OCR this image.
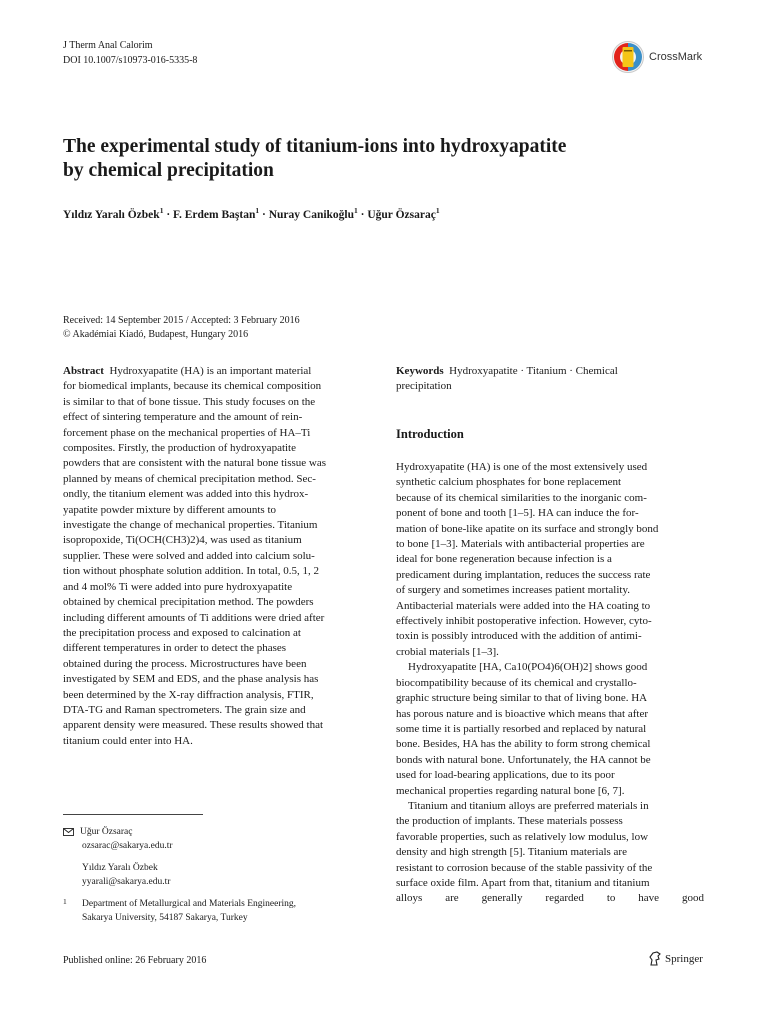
J Therm Anal Calorim
DOI 10.1007/s10973-016-5335-8	CrossMark
The experimental study of titanium-ions into hydroxyapatite
by chemical precipitation
Yıldız Yaralı Özbek$^1$ · F. Erdem Baştan$^1$ · Nuray Canikoğlu$^1$ · Uğur Özsaraç$^1$
Received: 14 September 2015 / Accepted: 3 February 2016
© Akadémiai Kiadó, Budapest, Hungary 2016

Abstract Hydroxyapatite (HA) is an important material

for biomedical implants, because its chemical composition

is similar to that of bone tissue. This study focuses on the

effect of sintering temperature and the amount of rein-

forcement phase on the mechanical properties of HA–Ti

composites. Firstly, the production of hydroxyapatite

powders that are consistent with the natural bone tissue was

planned by means of chemical precipitation method. Sec-

ondly, the titanium element was added into this hydrox-

yapatite powder mixture by different amounts to

investigate the change of mechanical properties. Titanium

isopropoxide, Ti(OCH(CH3)2)4, was used as titanium

supplier. These were solved and added into calcium solu-

tion without phosphate solution addition. In total, 0.5, 1, 2

and 4 mol% Ti were added into pure hydroxyapatite

obtained by chemical precipitation method. The powders

including different amounts of Ti additions were dried after

the precipitation process and exposed to calcination at

different temperatures in order to detect the phases

obtained during the process. Microstructures have been

investigated by SEM and EDS, and the phase analysis has

been determined by the X-ray diffraction analysis, FTIR,

DTA-TG and Raman spectrometers. The grain size and

apparent density were measured. These results showed that

titanium could enter into HA.

Uğur Özsaraç
ozsarac@sakarya.edu.tr
Yıldız Yaralı Özbek
yyarali@sakarya.edu.tr
1 Department of Metallurgical and Materials Engineering,
Sakarya University, 54187 Sakarya, Turkey

Keywords Hydroxyapatite · Titanium · Chemical

precipitation

Introduction

Hydroxyapatite (HA) is one of the most extensively used

synthetic calcium phosphates for bone replacement

because of its chemical similarities to the inorganic com-

ponent of bone and tooth [1–5]. HA can induce the for-

mation of bone-like apatite on its surface and strongly bond

to bone [1–3]. Materials with antibacterial properties are

ideal for bone regeneration because infection is a

predicament during implantation, reduces the success rate

of surgery and sometimes increases patient mortality.

Antibacterial materials were added into the HA coating to

effectively inhibit postoperative infection. However, cyto-

toxin is possibly introduced with the addition of antimi-

crobial materials [1–3].

Hydroxyapatite [HA, Ca10(PO4)6(OH)2] shows good

biocompatibility because of its chemical and crystallo-

graphic structure being similar to that of living bone. HA

has porous nature and is bioactive which means that after

some time it is partially resorbed and replaced by natural

bone. Besides, HA has the ability to form strong chemical

bonds with natural bone. Unfortunately, the HA cannot be

used for load-bearing applications, due to its poor

mechanical properties regarding natural bone [6, 7].

Titanium and titanium alloys are preferred materials in

the production of implants. These materials possess

favorable properties, such as relatively low modulus, low

density and high strength [5]. Titanium materials are

resistant to corrosion because of the stable passivity of the

surface oxide film. Apart from that, titanium and titanium

alloys are generally regarded to have good

Published online: 26 February 2016	Springer
